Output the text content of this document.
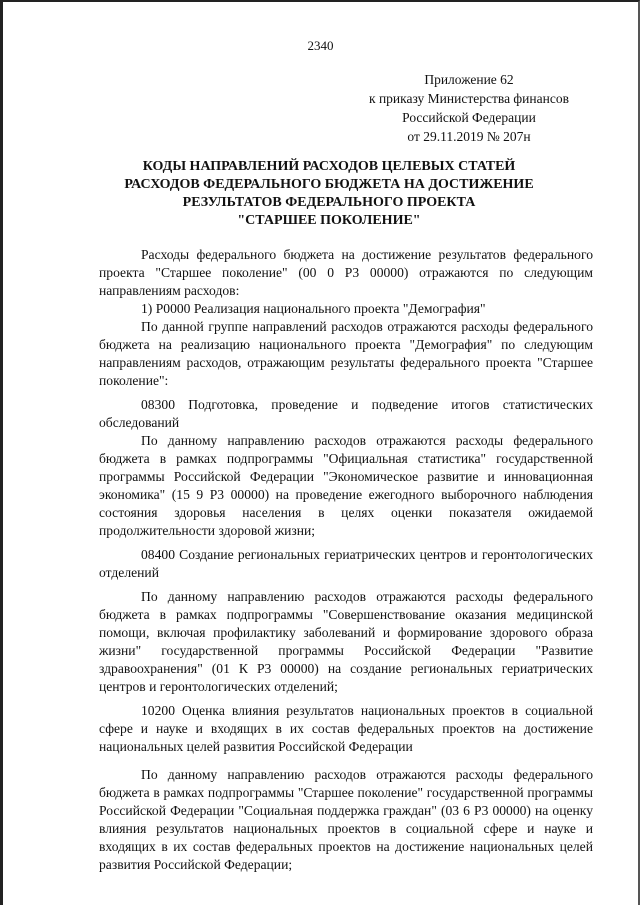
2340
Приложение 62
к приказу Министерства финансов
Российской Федерации
от 29.11.2019 № 207н
КОДЫ НАПРАВЛЕНИЙ РАСХОДОВ ЦЕЛЕВЫХ СТАТЕЙ
РАСХОДОВ ФЕДЕРАЛЬНОГО БЮДЖЕТА НА ДОСТИЖЕНИЕ
РЕЗУЛЬТАТОВ ФЕДЕРАЛЬНОГО ПРОЕКТА
"СТАРШЕЕ ПОКОЛЕНИЕ"

Расходы федерального бюджета на достижение результатов федерального проекта "Старшее поколение" (00 0 Р3 00000) отражаются по следующим направлениям расходов:

1) Р0000 Реализация национального проекта "Демография"

По данной группе направлений расходов отражаются расходы федерального бюджета на реализацию национального проекта "Демография" по следующим направлениям расходов, отражающим результаты федерального проекта "Старшее поколение":

08300 Подготовка, проведение и подведение итогов статистических обследований

По данному направлению расходов отражаются расходы федерального бюджета в рамках подпрограммы "Официальная статистика" государственной программы Российской Федерации "Экономическое развитие и инновационная экономика" (15 9 Р3 00000) на проведение ежегодного выборочного наблюдения состояния здоровья населения в целях оценки показателя ожидаемой продолжительности здоровой жизни;

08400 Создание региональных гериатрических центров и геронтологических отделений

По данному направлению расходов отражаются расходы федерального бюджета в рамках подпрограммы "Совершенствование оказания медицинской помощи, включая профилактику заболеваний и формирование здорового образа жизни" государственной программы Российской Федерации "Развитие здравоохранения" (01 К Р3 00000) на создание региональных гериатрических центров и геронтологических отделений;

10200 Оценка влияния результатов национальных проектов в социальной сфере и науке и входящих в их состав федеральных проектов на достижение национальных целей развития Российской Федерации

По данному направлению расходов отражаются расходы федерального бюджета в рамках подпрограммы "Старшее поколение" государственной программы Российской Федерации "Социальная поддержка граждан" (03 6 Р3 00000) на оценку влияния результатов национальных проектов в социальной сфере и науке и входящих в их состав федеральных проектов на достижение национальных целей развития Российской Федерации;
